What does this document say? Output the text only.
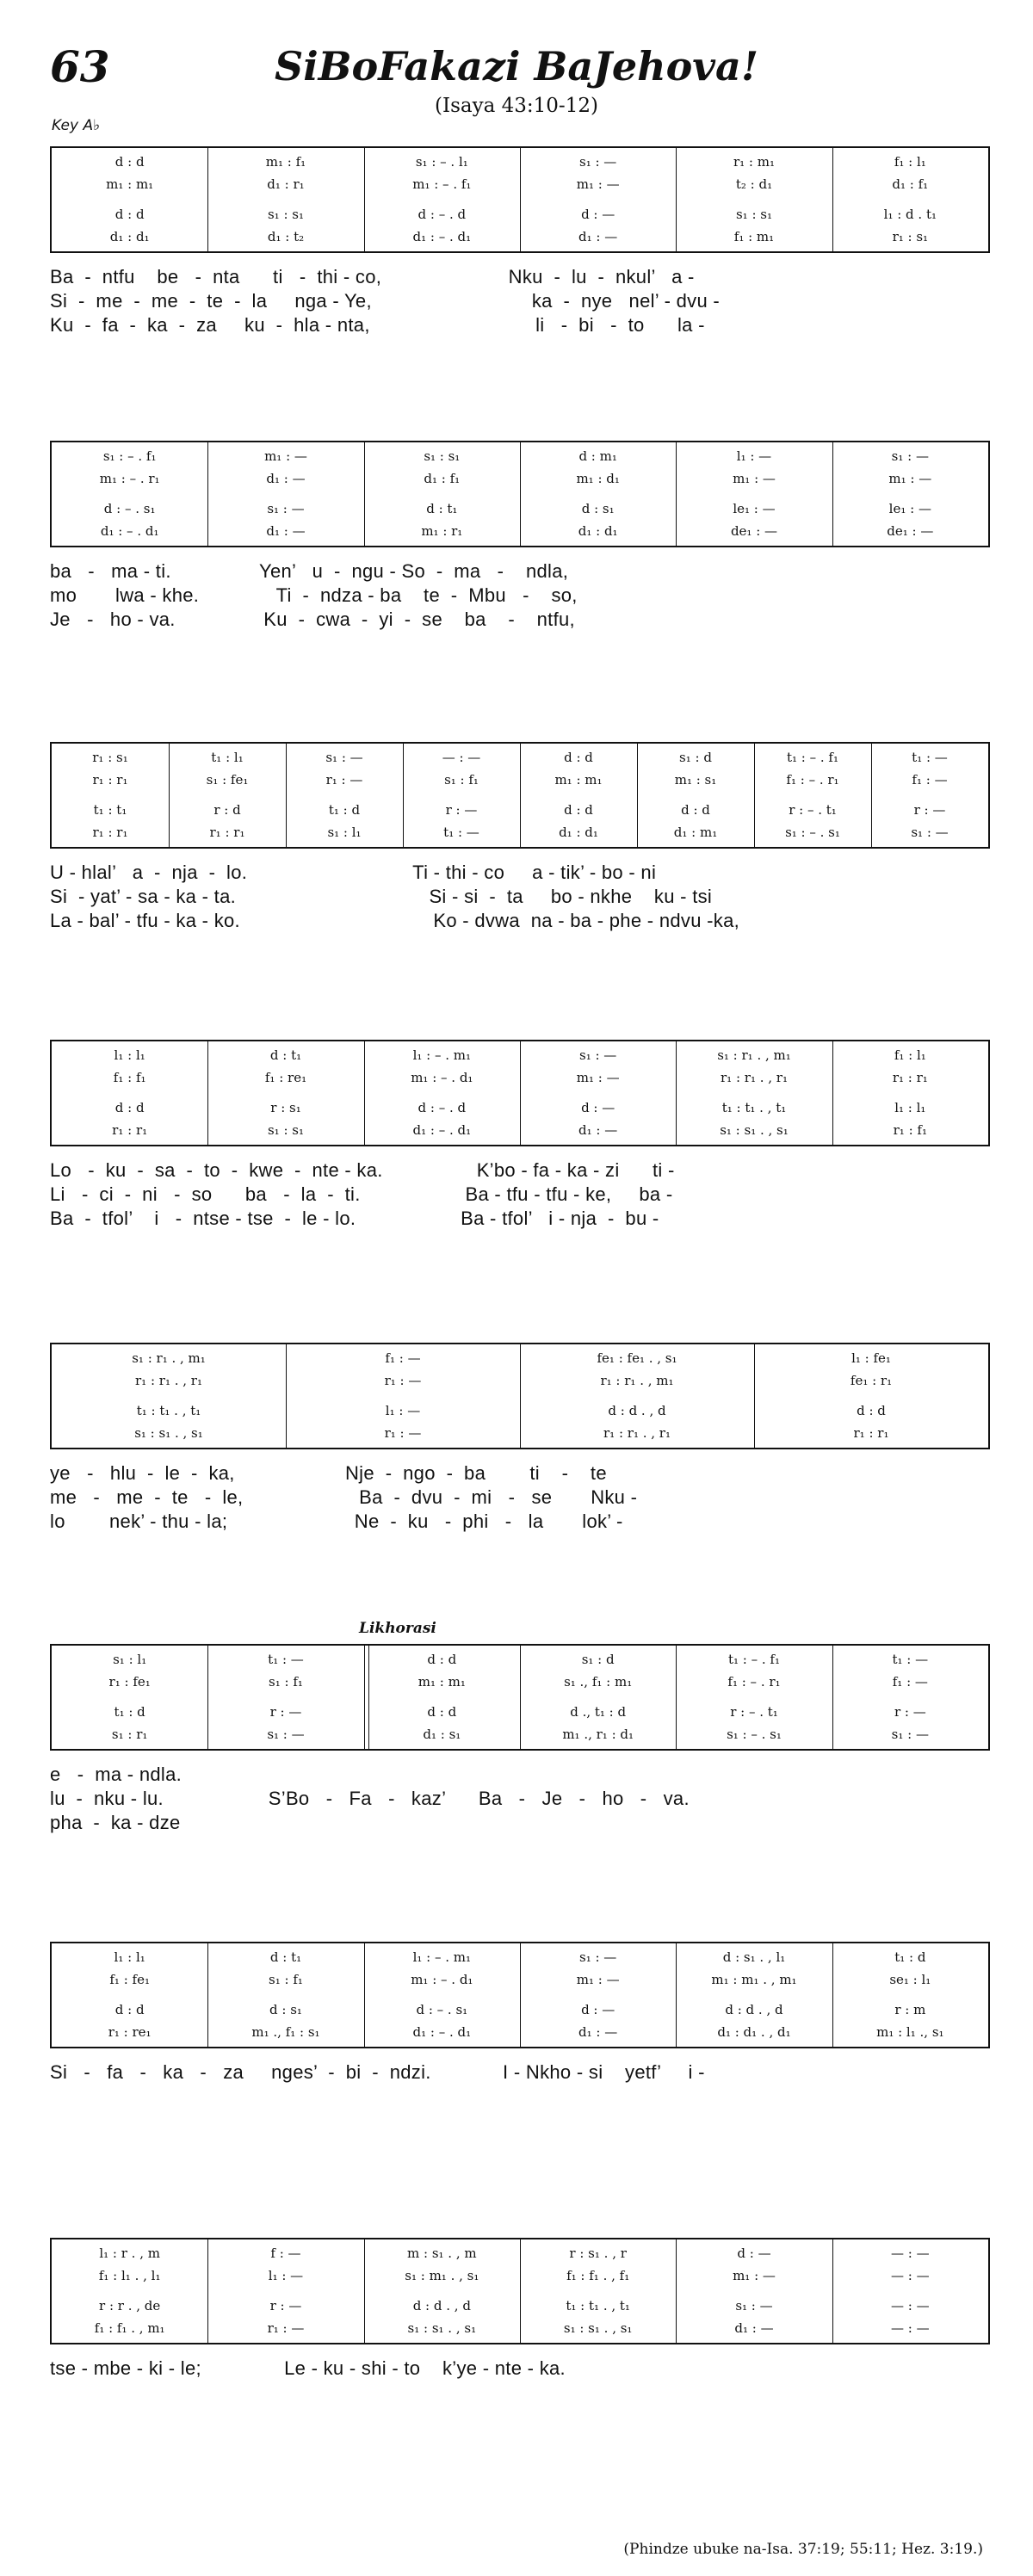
63	SiBoFakazi BaJehova!
(Isaya 43:10-12)
Key A♭
Likhorasi
(Phindze ubuke na-Isa. 37:19; 55:11; Hez. 3:19.)
d : d	m₁ : f₁	s₁ : – . l₁	s₁ : —	r₁ : m₁	f₁ : l₁
m₁ : m₁	d₁ : r₁	m₁ : – . f₁	m₁ : —	t₂ : d₁	d₁ : f₁
d : d	s₁ : s₁	d : – . d	d : —	s₁ : s₁	l₁ : d . t₁
d₁ : d₁	d₁ : t₂	d₁ : – . d₁	d₁ : —	f₁ : m₁	r₁ : s₁
Ba  -  ntfu    be   -  nta      ti   -  thi - co,                       Nku  -  lu  -  nkul’   a -
Si  -  me  -  me  -  te  -  la     nga - Ye,                             ka  -  nye   nel’ - dvu -
Ku  -  fa  -  ka  -  za     ku  -  hla - nta,                              li   -  bi   -  to      la -
s₁ : – . f₁	m₁ : —	s₁ : s₁	d : m₁	l₁ : —	s₁ : —
m₁ : – . r₁	d₁ : —	d₁ : f₁	m₁ : d₁	m₁ : —	m₁ : —
d : – . s₁	s₁ : —	d : t₁	d : s₁	le₁ : —	le₁ : —
d₁ : – . d₁	d₁ : —	m₁ : r₁	d₁ : d₁	de₁ : —	de₁ : —
ba   -   ma - ti.                Yen’   u  -  ngu - So  -  ma   -    ndla,
mo       lwa - khe.              Ti  -  ndza - ba    te  -  Mbu   -    so,
Je   -   ho - va.                Ku  -  cwa  -  yi  -  se    ba    -    ntfu,
r₁ : s₁	t₁ : l₁	s₁ : —	— : —	d : d	s₁ : d	t₁ : – . f₁	t₁ : —
r₁ : r₁	s₁ : fe₁	r₁ : —	s₁ : f₁	m₁ : m₁	m₁ : s₁	f₁ : – . r₁	f₁ : —
t₁ : t₁	r : d	t₁ : d	r : —	d : d	d : d	r : – . t₁	r : —
r₁ : r₁	r₁ : r₁	s₁ : l₁	t₁ : —	d₁ : d₁	d₁ : m₁	s₁ : – . s₁	s₁ : —
U - hlal’   a  -  nja  -  lo.                              Ti - thi - co     a - tik’ - bo - ni
Si  - yat’ - sa - ka - ta.                                   Si - si  -  ta     bo - nkhe    ku - tsi
La - bal’ - tfu - ka - ko.                                   Ko - dvwa  na - ba - phe - ndvu -ka,
l₁ : l₁	d : t₁	l₁ : – . m₁	s₁ : —	s₁ : r₁ . , m₁	f₁ : l₁
f₁ : f₁	f₁ : re₁	m₁ : – . d₁	m₁ : —	r₁ : r₁ . , r₁	r₁ : r₁
d : d	r : s₁	d : – . d	d : —	t₁ : t₁ . , t₁	l₁ : l₁
r₁ : r₁	s₁ : s₁	d₁ : – . d₁	d₁ : —	s₁ : s₁ . , s₁	r₁ : f₁
Lo   -  ku  -  sa  -  to  -  kwe  -  nte - ka.                 K’bo - fa - ka - zi      ti -
Li   -  ci  -  ni   -  so      ba   -  la  -  ti.                   Ba - tfu - tfu - ke,     ba -
Ba  -  tfol’    i   -  ntse - tse  -  le - lo.                   Ba - tfol’   i - nja  -  bu -
s₁ : r₁ . , m₁	f₁ : —	fe₁ : fe₁ . , s₁	l₁ : fe₁
r₁ : r₁ . , r₁	r₁ : —	r₁ : r₁ . , m₁	fe₁ : r₁
t₁ : t₁ . , t₁	l₁ : —	d : d . , d	d : d
s₁ : s₁ . , s₁	r₁ : —	r₁ : r₁ . , r₁	r₁ : r₁
ye   -   hlu  -  le  -  ka,                    Nje  -  ngo  -  ba        ti    -    te
me   -   me  -  te   -  le,                     Ba  -  dvu  -  mi   -   se       Nku -
lo        nek’ - thu - la;                       Ne  -  ku   -  phi   -   la       lok’ -
s₁ : l₁	t₁ : —	d : d	s₁ : d	t₁ : – . f₁	t₁ : —
r₁ : fe₁	s₁ : f₁	m₁ : m₁	s₁ ., f₁ : m₁	f₁ : – . r₁	f₁ : —
t₁ : d	r : —	d : d	d ., t₁ : d	r : – . t₁	r : —
s₁ : r₁	s₁ : —	d₁ : s₁	m₁ ., r₁ : d₁	s₁ : – . s₁	s₁ : —
e   -  ma - ndla.
lu  -  nku - lu.                   S’Bo   -   Fa   -   kaz’      Ba   -   Je   -   ho   -   va.
pha  -  ka - dze
l₁ : l₁	d : t₁	l₁ : – . m₁	s₁ : —	d : s₁ . , l₁	t₁ : d
f₁ : fe₁	s₁ : f₁	m₁ : – . d₁	m₁ : —	m₁ : m₁ . , m₁	se₁ : l₁
d : d	d : s₁	d : – . s₁	d : —	d : d . , d	r : m
r₁ : re₁	m₁ ., f₁ : s₁	d₁ : – . d₁	d₁ : —	d₁ : d₁ . , d₁	m₁ : l₁ ., s₁
Si   -   fa   -   ka   -   za     nges’  -  bi  -  ndzi.             I - Nkho - si    yetf’     i -
l₁ : r . , m	f : —	m : s₁ . , m	r : s₁ . , r	d : —	— : —
f₁ : l₁ . , l₁	l₁ : —	s₁ : m₁ . , s₁	f₁ : f₁ . , f₁	m₁ : —	— : —
r : r . , de	r : —	d : d . , d	t₁ : t₁ . , t₁	s₁ : —	— : —
f₁ : f₁ . , m₁	r₁ : —	s₁ : s₁ . , s₁	s₁ : s₁ . , s₁	d₁ : —	— : —
tse - mbe - ki - le;               Le - ku - shi - to    k’ye - nte - ka.
